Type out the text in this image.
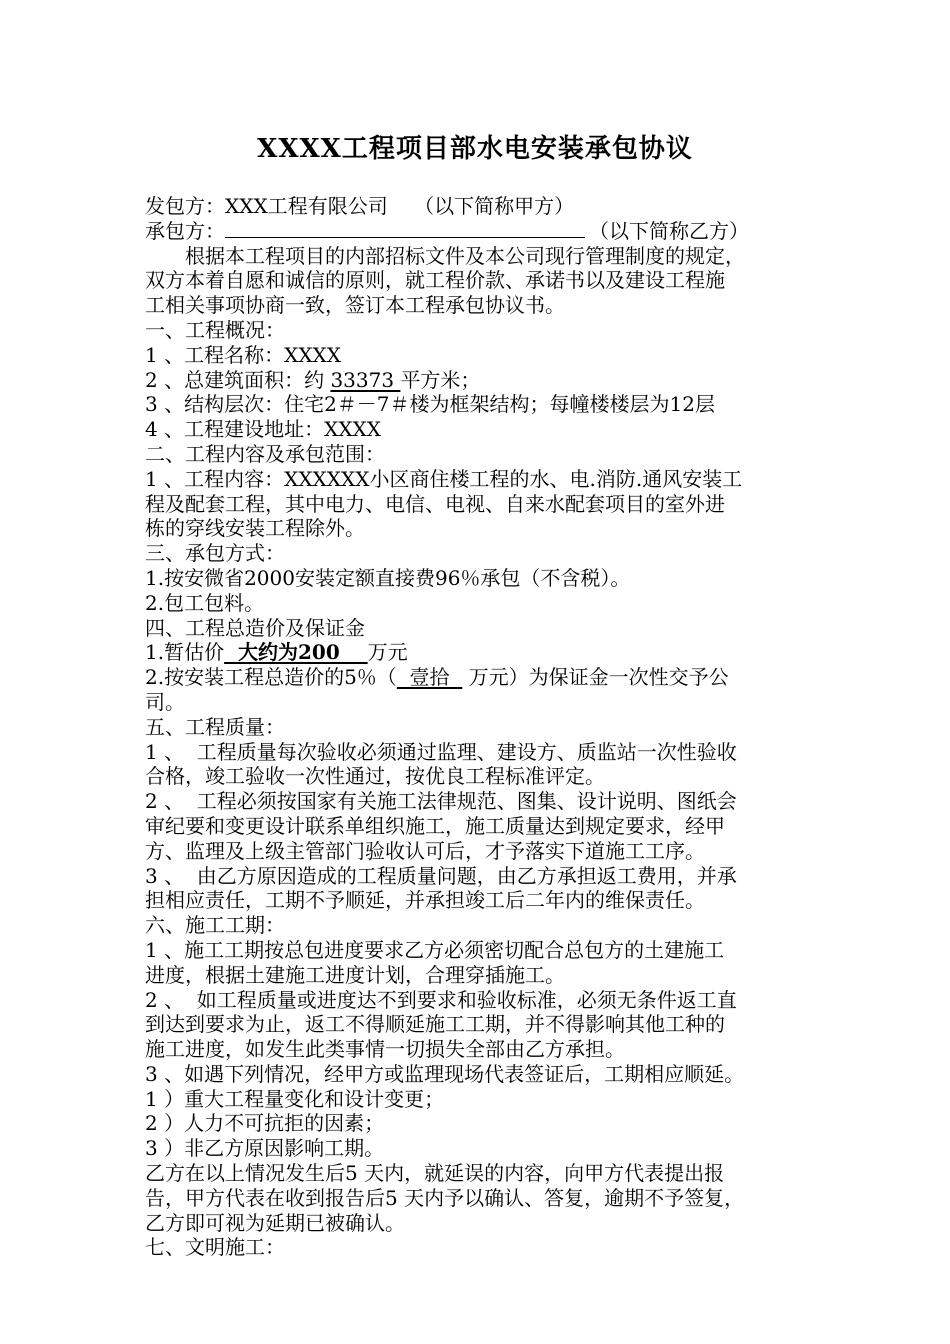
XXXX工程项目部水电安装承包协议
发包方：XXX工程有限公司　 （以下简称甲方）
承包方：	（以下简称乙方）
根据本工程项目的内部招标文件及本公司现行管理制度的规定，
双方本着自愿和诚信的原则，就工程价款、承诺书以及建设工程施
工相关事项协商一致，签订本工程承包协议书。
一、工程概况：
1 、工程名称：XXXX
2 、总建筑面积：约 33373 平方米；
3 、结构层次：住宅2＃－7＃楼为框架结构；每幢楼楼层为12层
4 、工程建设地址：XXXX
二、工程内容及承包范围：
1 、工程内容：XXXXXX小区商住楼工程的水、电.消防.通风安装工
程及配套工程，其中电力、电信、电视、自来水配套项目的室外进
栋的穿线安装工程除外。
三、承包方式：
1.按安微省2000安装定额直接费96％承包（不含税）。
2.包工包料。
四、工程总造价及保证金
1.暂估价  大约为200    万元
2.按安装工程总造价的5％（  壹拾   万元）为保证金一次性交予公
司。
五、工程质量：
1 、  工程质量每次验收必须通过监理、建设方、质监站一次性验收
合格，竣工验收一次性通过，按优良工程标准评定。
2 、  工程必须按国家有关施工法律规范、图集、设计说明、图纸会
审纪要和变更设计联系单组织施工，施工质量达到规定要求，经甲
方、监理及上级主管部门验收认可后，才予落实下道施工工序。
3 、  由乙方原因造成的工程质量问题，由乙方承担返工费用，并承
担相应责任，工期不予顺延，并承担竣工后二年内的维保责任。
六、施工工期：
1 、施工工期按总包进度要求乙方必须密切配合总包方的土建施工
进度，根据土建施工进度计划，合理穿插施工。
2 、  如工程质量或进度达不到要求和验收标准，必须无条件返工直
到达到要求为止，返工不得顺延施工工期，并不得影响其他工种的
施工进度，如发生此类事情一切损失全部由乙方承担。
3 、如遇下列情况，经甲方或监理现场代表签证后，工期相应顺延。
1 ）重大工程量变化和设计变更；
2 ）人力不可抗拒的因素；
3 ）非乙方原因影响工期。
乙方在以上情况发生后5 天内，就延误的内容，向甲方代表提出报
告，甲方代表在收到报告后5 天内予以确认、答复，逾期不予签复，
乙方即可视为延期已被确认。
七、文明施工：
